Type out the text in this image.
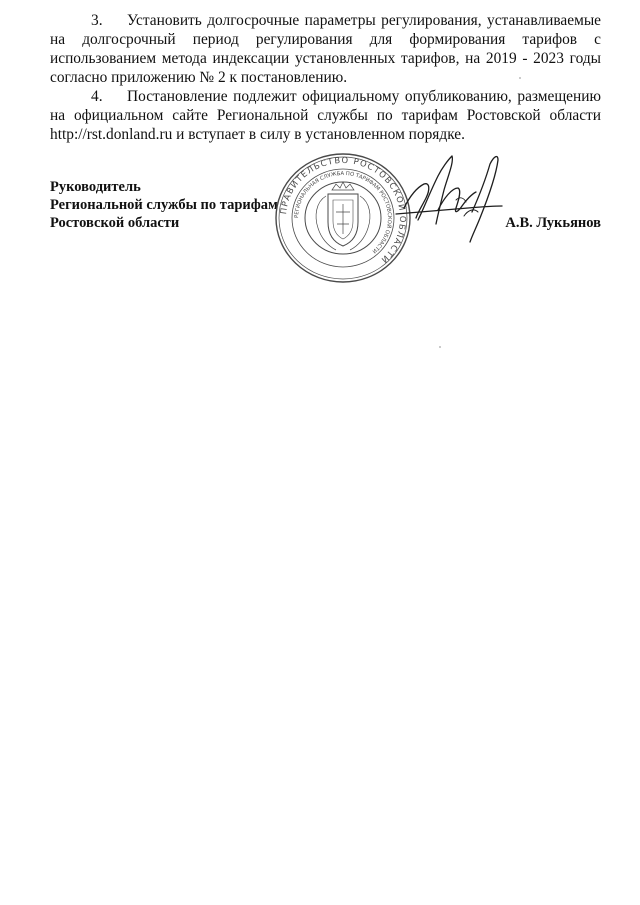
3. Установить долгосрочные параметры регулирования, устанавливаемые на долгосрочный период регулирования для формирования тарифов с использованием метода индексации установленных тарифов, на 2019 - 2023 годы согласно приложению № 2 к постановлению.

4. Постановление подлежит официальному опубликованию, размещению на официальном сайте Региональной службы по тарифам Ростовской области http://rst.donland.ru и вступает в силу в установленном порядке.

Руководитель
Региональной службы по тарифам
Ростовской области	А.В. Лукьянов
ПРАВИТЕЛЬСТВО РОСТОВСКОЙ ОБЛАСТИ
РЕГИОНАЛЬНАЯ СЛУЖБА ПО ТАРИФАМ РОСТОВСКОЙ ОБЛАСТИ
